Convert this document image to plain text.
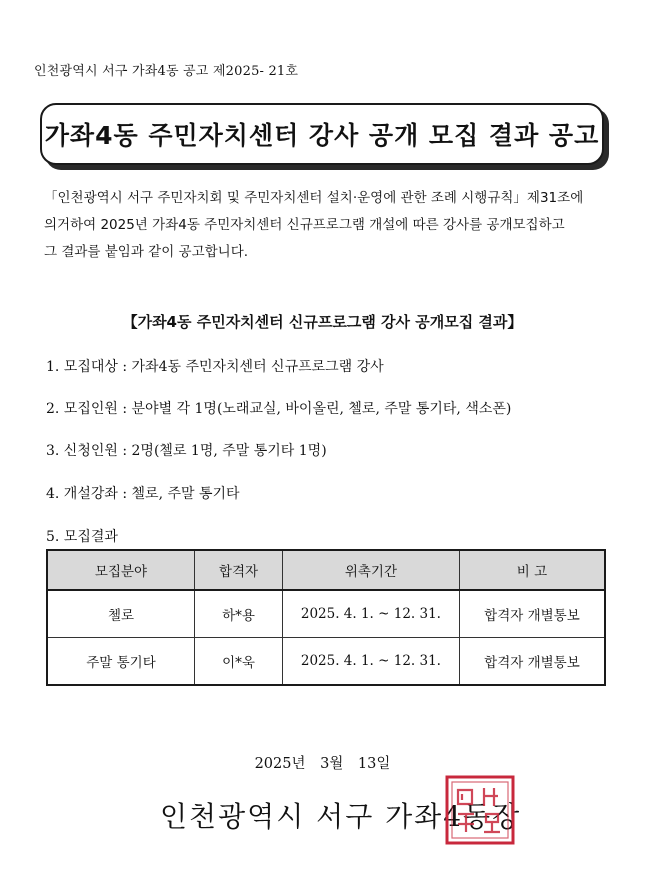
인천광역시 서구 가좌4동 공고 제2025- 21호
가좌4동 주민자치센터 강사 공개 모집 결과 공고
「인천광역시 서구 주민자치회 및 주민자치센터 설치·운영에 관한 조례 시행규칙」제31조에
의거하여 2025년 가좌4동 주민자치센터 신규프로그램 개설에 따른 강사를 공개모집하고
그 결과를 붙임과 같이 공고합니다.
【가좌4동 주민자치센터 신규프로그램 강사 공개모집 결과】
1. 모집대상 : 가좌4동 주민자치센터 신규프로그램 강사
2. 모집인원 : 분야별 각 1명(노래교실, 바이올린, 첼로, 주말 통기타, 색소폰)
3. 신청인원 : 2명(첼로 1명, 주말 통기타 1명)
4. 개설강좌 : 첼로, 주말 통기타
5. 모집결과
모집분야	합격자	위촉기간	비 고
첼로	하*용	2025. 4. 1. ~ 12. 31.	합격자 개별통보
주말 통기타	이*욱	2025. 4. 1. ~ 12. 31.	합격자 개별통보
2025년 3월 13일
인천광역시 서구 가좌4동장
